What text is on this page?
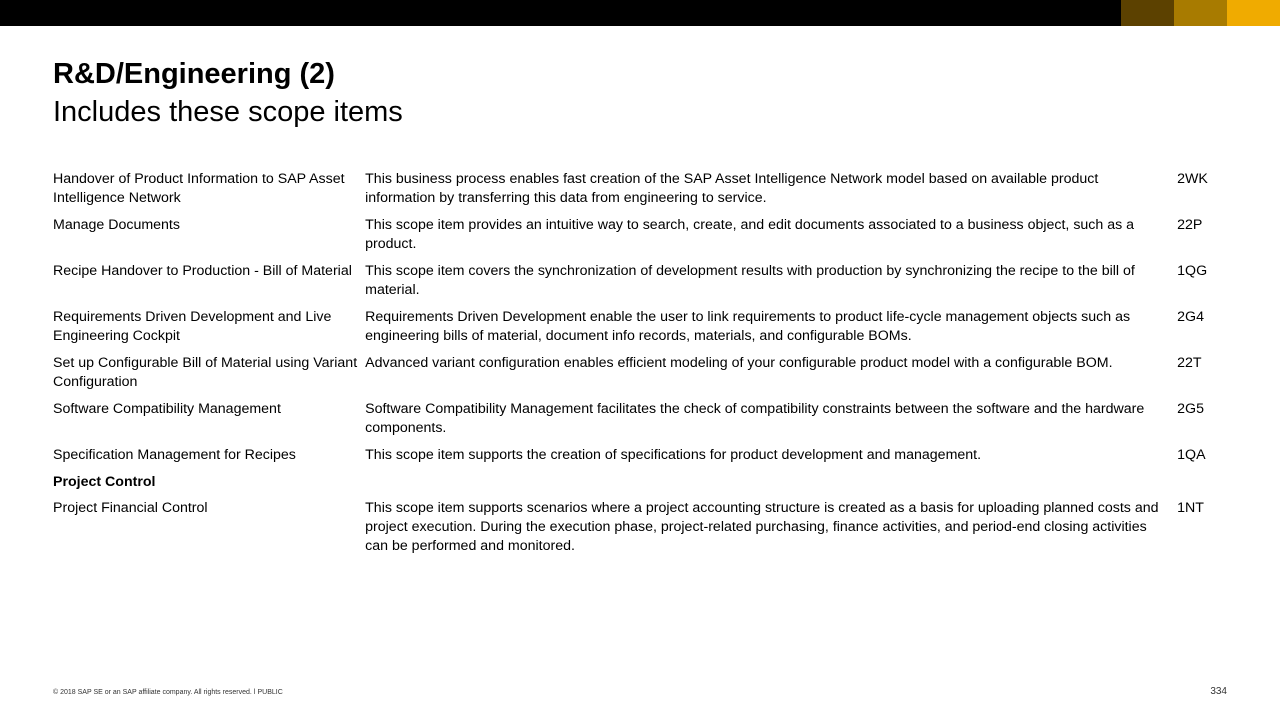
R&D/Engineering (2)
Includes these scope items
Handover of Product Information to SAP Asset Intelligence Network	This business process enables fast creation of the SAP Asset Intelligence Network model based on available product information by transferring this data from engineering to service.	2WK
Manage Documents	This scope item provides an intuitive way to search, create, and edit documents associated to a business object, such as a product.	22P
Recipe Handover to Production - Bill of Material	This scope item covers the synchronization of development results with production by synchronizing the recipe to the bill of material.	1QG
Requirements Driven Development and Live Engineering Cockpit	Requirements Driven Development enable the user to link requirements to product life-cycle management objects such as engineering bills of material, document info records, materials, and configurable BOMs.	2G4
Set up Configurable Bill of Material using Variant Configuration	Advanced variant configuration enables efficient modeling of your configurable product model with a configurable BOM.	22T
Software Compatibility Management	Software Compatibility Management facilitates the check of compatibility constraints between the software and the hardware components.	2G5
Specification Management for Recipes	This scope item supports the creation of specifications for product development and management.	1QA
Project Control		
Project Financial Control	This scope item supports scenarios where a project accounting structure is created as a basis for uploading planned costs and project execution. During the execution phase, project-related purchasing, finance activities, and period-end closing activities can be performed and monitored.	1NT
© 2018 SAP SE or an SAP affiliate company. All rights reserved. ǀ PUBLIC	334
